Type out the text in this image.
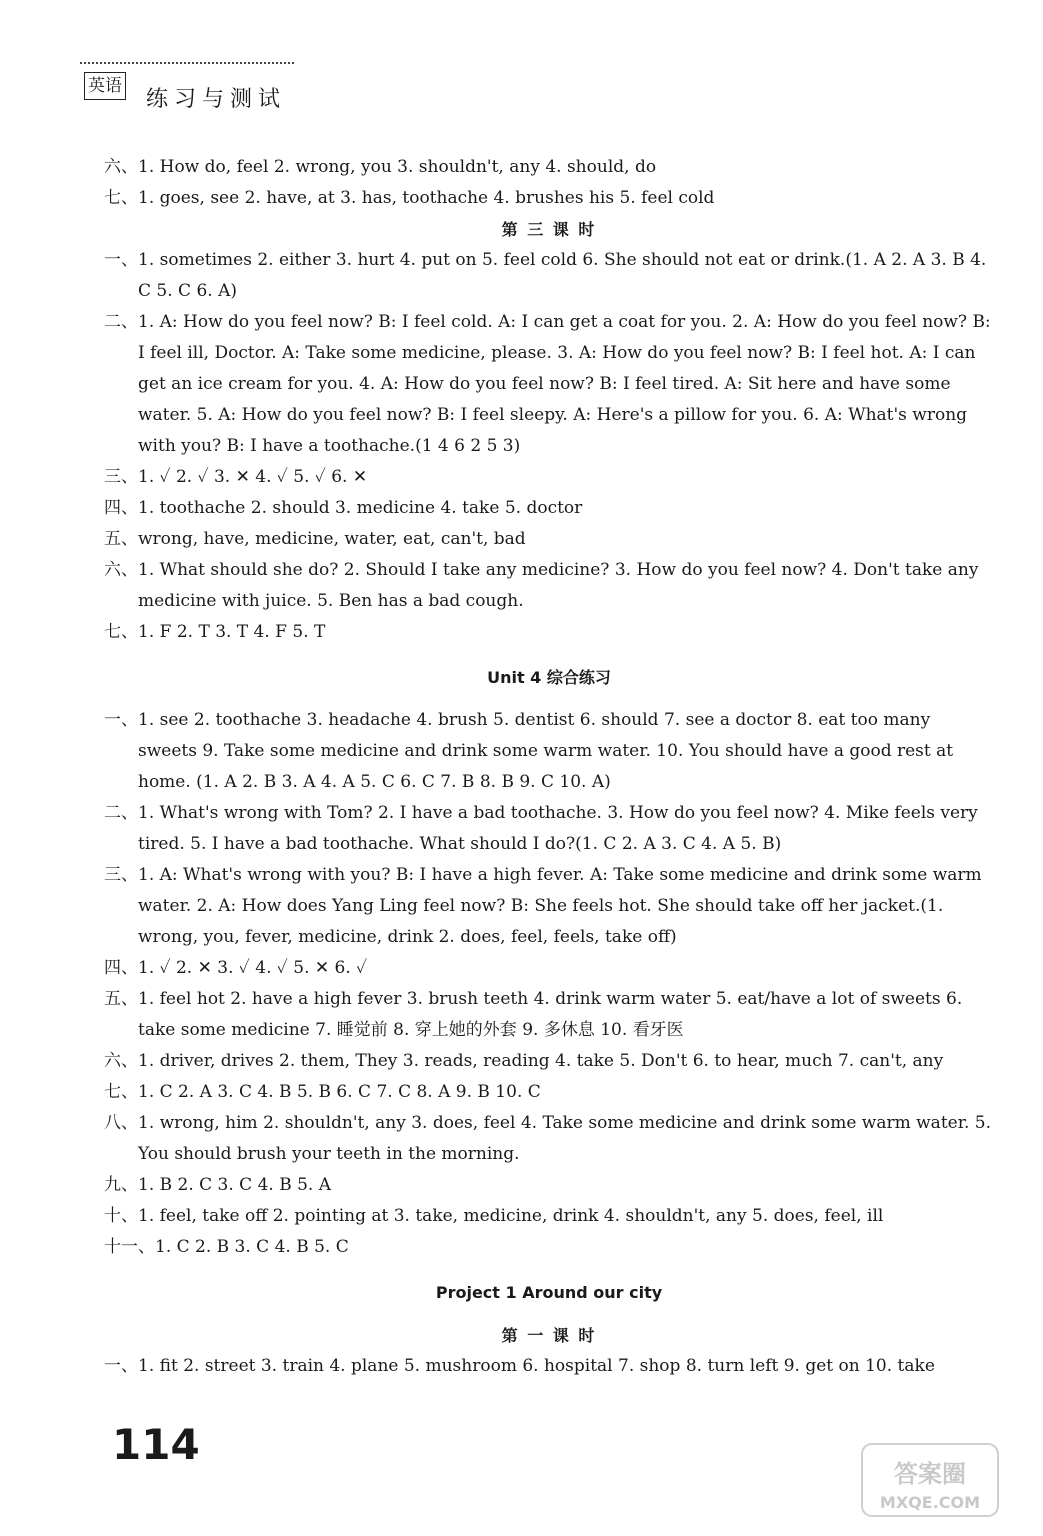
英语
练习与测试
六、1. How do, feel 2. wrong, you 3. shouldn't, any 4. should, do
七、1. goes, see 2. have, at 3. has, toothache 4. brushes his 5. feel cold
第 三 课 时
一、1. sometimes 2. either 3. hurt 4. put on 5. feel cold 6. She should not eat or drink.(1. A 2. A 3. B 4. C 5. C 6. A)
二、1. A: How do you feel now? B: I feel cold. A: I can get a coat for you. 2. A: How do you feel now? B: I feel ill, Doctor. A: Take some medicine, please. 3. A: How do you feel now? B: I feel hot. A: I can get an ice cream for you. 4. A: How do you feel now? B: I feel tired. A: Sit here and have some water. 5. A: How do you feel now? B: I feel sleepy. A: Here's a pillow for you. 6. A: What's wrong with you? B: I have a toothache.(1 4 6 2 5 3)
三、1. ✓ 2. ✓ 3. ✕ 4. ✓ 5. ✓ 6. ✕
四、1. toothache 2. should 3. medicine 4. take 5. doctor
五、wrong, have, medicine, water, eat, can't, bad
六、1. What should she do? 2. Should I take any medicine? 3. How do you feel now? 4. Don't take any medicine with juice. 5. Ben has a bad cough.
七、1. F 2. T 3. T 4. F 5. T
Unit 4 综合练习
一、1. see 2. toothache 3. headache 4. brush 5. dentist 6. should 7. see a doctor 8. eat too many sweets 9. Take some medicine and drink some warm water. 10. You should have a good rest at home. (1. A 2. B 3. A 4. A 5. C 6. C 7. B 8. B 9. C 10. A)
二、1. What's wrong with Tom? 2. I have a bad toothache. 3. How do you feel now? 4. Mike feels very tired. 5. I have a bad toothache. What should I do?(1. C 2. A 3. C 4. A 5. B)
三、1. A: What's wrong with you? B: I have a high fever. A: Take some medicine and drink some warm water. 2. A: How does Yang Ling feel now? B: She feels hot. She should take off her jacket.(1. wrong, you, fever, medicine, drink 2. does, feel, feels, take off)
四、1. ✓ 2. ✕ 3. ✓ 4. ✓ 5. ✕ 6. ✓
五、1. feel hot 2. have a high fever 3. brush teeth 4. drink warm water 5. eat/have a lot of sweets 6. take some medicine 7. 睡觉前 8. 穿上她的外套 9. 多休息 10. 看牙医
六、1. driver, drives 2. them, They 3. reads, reading 4. take 5. Don't 6. to hear, much 7. can't, any
七、1. C 2. A 3. C 4. B 5. B 6. C 7. C 8. A 9. B 10. C
八、1. wrong, him 2. shouldn't, any 3. does, feel 4. Take some medicine and drink some warm water. 5. You should brush your teeth in the morning.
九、1. B 2. C 3. C 4. B 5. A
十、1. feel, take off 2. pointing at 3. take, medicine, drink 4. shouldn't, any 5. does, feel, ill
十一、1. C 2. B 3. C 4. B 5. C
Project 1 Around our city
第 一 课 时
一、1. fit 2. street 3. train 4. plane 5. mushroom 6. hospital 7. shop 8. turn left 9. get on 10. take
114
答案圈
MXQE.COM
